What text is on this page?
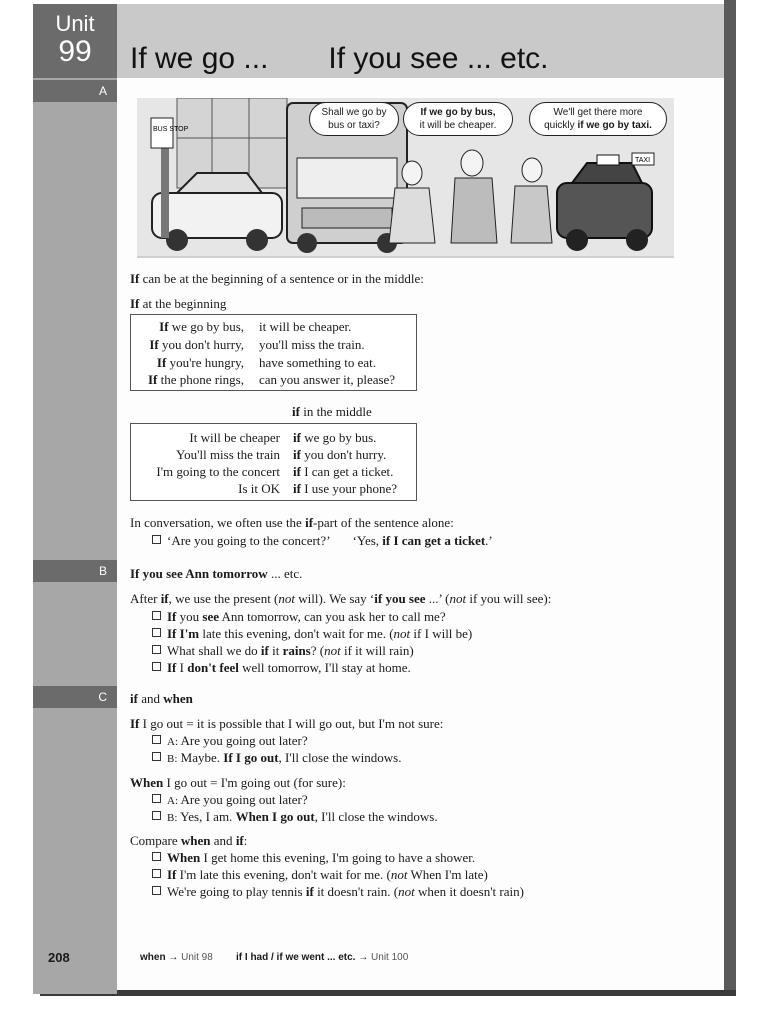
Unit
99	If we go ... If you see ... etc.
A
B
C
BUS STOP
TAXI
Shall we go by bus or taxi?
If we go by bus,
it will be cheaper.
We'll get there more
quickly if we go by taxi.
If can be at the beginning of a sentence or in the middle:
If at the beginning
If we go by bus, it will be cheaper.
If you don't hurry, you'll miss the train.
If you're hungry, have something to eat.
If the phone rings, can you answer it, please?
if in the middle
It will be cheaper if we go by bus.
You'll miss the train if you don't hurry.
I'm going to the concert if I can get a ticket.
Is it OK if I use your phone?
In conversation, we often use the if-part of the sentence alone:
‘Are you going to the concert?’ ‘Yes, if I can get a ticket.’
If you see Ann tomorrow ... etc.
After if, we use the present (not will). We say ‘if you see ...’ (not if you will see):
If you see Ann tomorrow, can you ask her to call me?
If I'm late this evening, don't wait for me. (not if I will be)
What shall we do if it rains? (not if it will rain)
If I don't feel well tomorrow, I'll stay at home.
if and when
If I go out = it is possible that I will go out, but I'm not sure:
A: Are you going out later?
B: Maybe. If I go out, I'll close the windows.
When I go out = I'm going out (for sure):
A: Are you going out later?
B: Yes, I am. When I go out, I'll close the windows.
Compare when and if:
When I get home this evening, I'm going to have a shower.
If I'm late this evening, don't wait for me. (not When I'm late)
We're going to play tennis if it doesn't rain. (not when it doesn't rain)
208	when → Unit 98 if I had / if we went ... etc. → Unit 100
